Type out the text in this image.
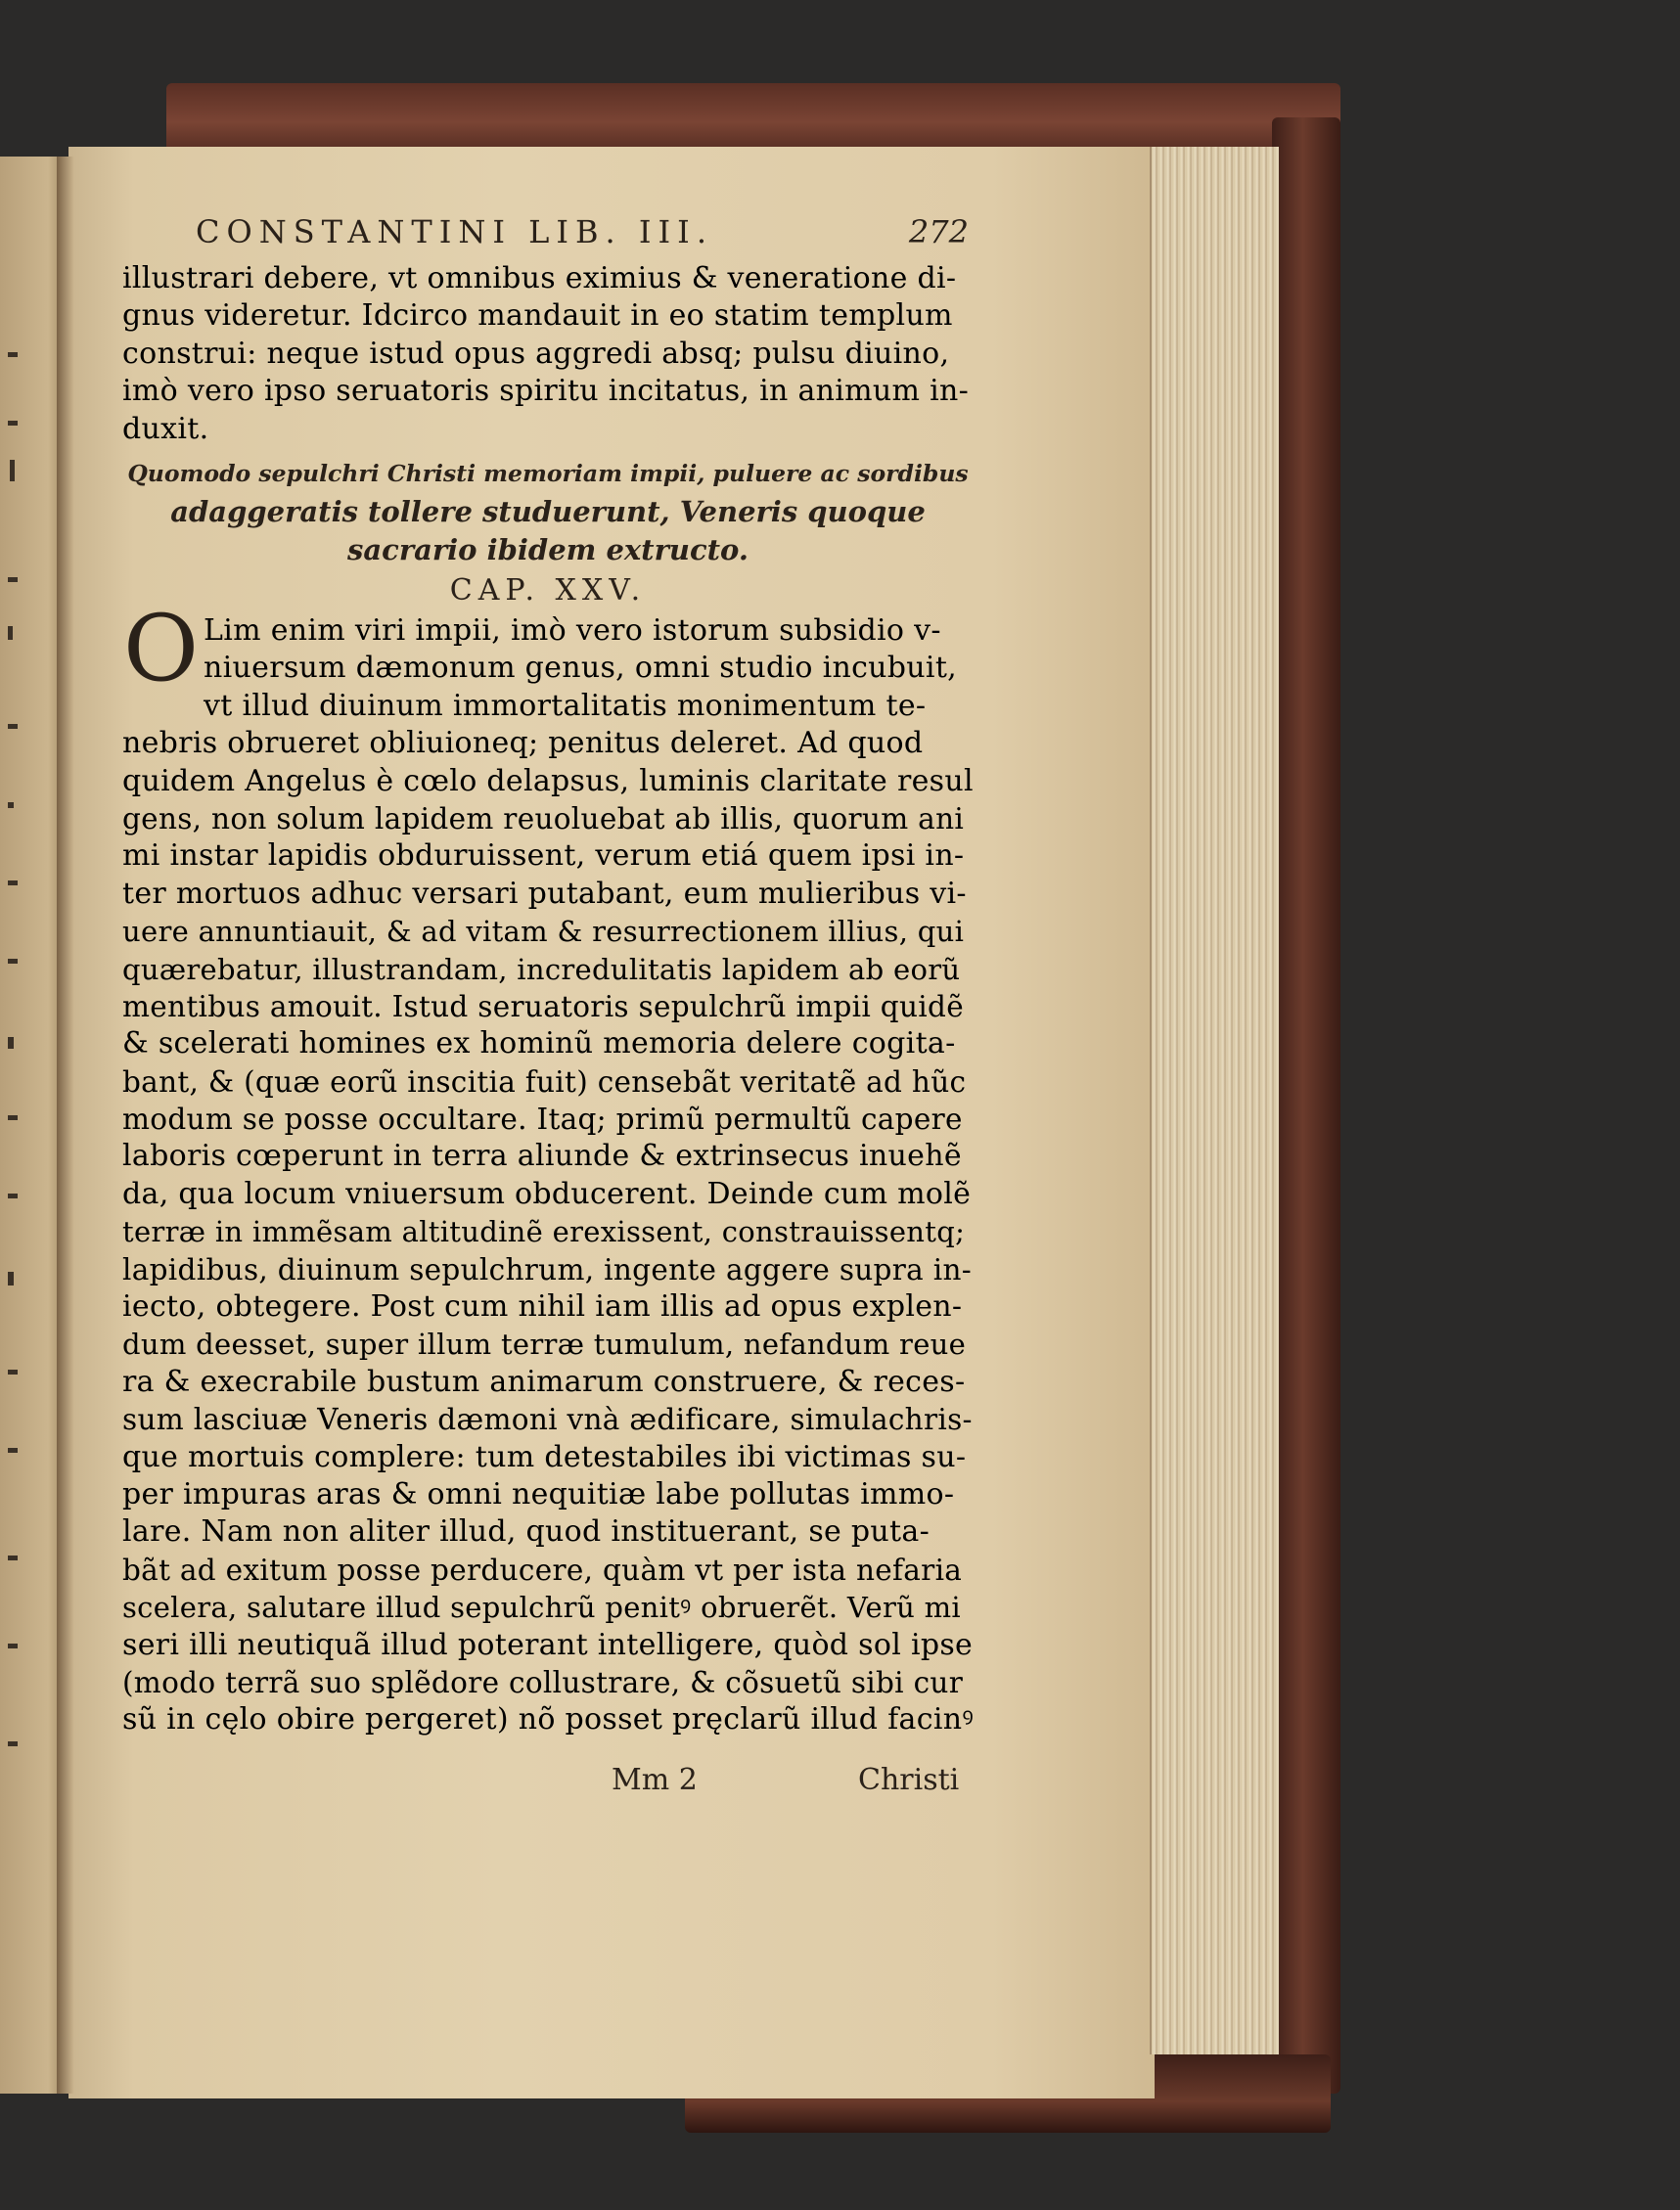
CONSTANTINI LIB. III.	272
illustrari debere, vt omnibus eximius & veneratione di-
gnus videretur. Idcirco mandauit in eo statim templum
construi: neque istud opus aggredi absq; pulsu diuino,
imò vero ipso seruatoris spiritu incitatus, in animum in-
duxit.
Quomodo sepulchri Christi memoriam impii, puluere ac sordibus
adaggeratis tollere studuerunt, Veneris quoque
sacrario ibidem extructo.
CAP. XXV.
O Lim enim viri impii, imò vero istorum subsidio v-
niuersum dæmonum genus, omni studio incubuit,
vt illud diuinum immortalitatis monimentum te-
nebris obrueret obliuioneq; penitus deleret. Ad quod
quidem Angelus è cœlo delapsus, luminis claritate resul
gens, non solum lapidem reuoluebat ab illis, quorum ani
mi instar lapidis obduruissent, verum etiá quem ipsi in-
ter mortuos adhuc versari putabant, eum mulieribus vi-
uere annuntiauit, & ad vitam & resurrectionem illius, qui
quærebatur, illustrandam, incredulitatis lapidem ab eorũ
mentibus amouit. Istud seruatoris sepulchrũ impii quidẽ
& scelerati homines ex hominũ memoria delere cogita-
bant, & (quæ eorũ inscitia fuit) censebãt veritatẽ ad hũc
modum se posse occultare. Itaq; primũ permultũ capere
laboris cœperunt in terra aliunde & extrinsecus inuehẽ
da, qua locum vniuersum obducerent. Deinde cum molẽ
terræ in immẽsam altitudinẽ erexissent, constrauissentq;
lapidibus, diuinum sepulchrum, ingente aggere supra in-
iecto, obtegere. Post cum nihil iam illis ad opus explen-
dum deesset, super illum terræ tumulum, nefandum reue
ra & execrabile bustum animarum construere, & reces-
sum lasciuæ Veneris dæmoni vnà ædificare, simulachris-
que mortuis complere: tum detestabiles ibi victimas su-
per impuras aras & omni nequitiæ labe pollutas immo-
lare. Nam non aliter illud, quod instituerant, se puta-
bãt ad exitum posse perducere, quàm vt per ista nefaria
scelera, salutare illud sepulchrũ penitꝰ obruerẽt. Verũ mi
seri illi neutiquã illud poterant intelligere, quòd sol ipse
(modo terrã suo splẽdore collustrare, & cõsuetũ sibi cur
sũ in cęlo obire pergeret) nõ posset pręclarũ illud facinꝰ
Mm 2	Christi
